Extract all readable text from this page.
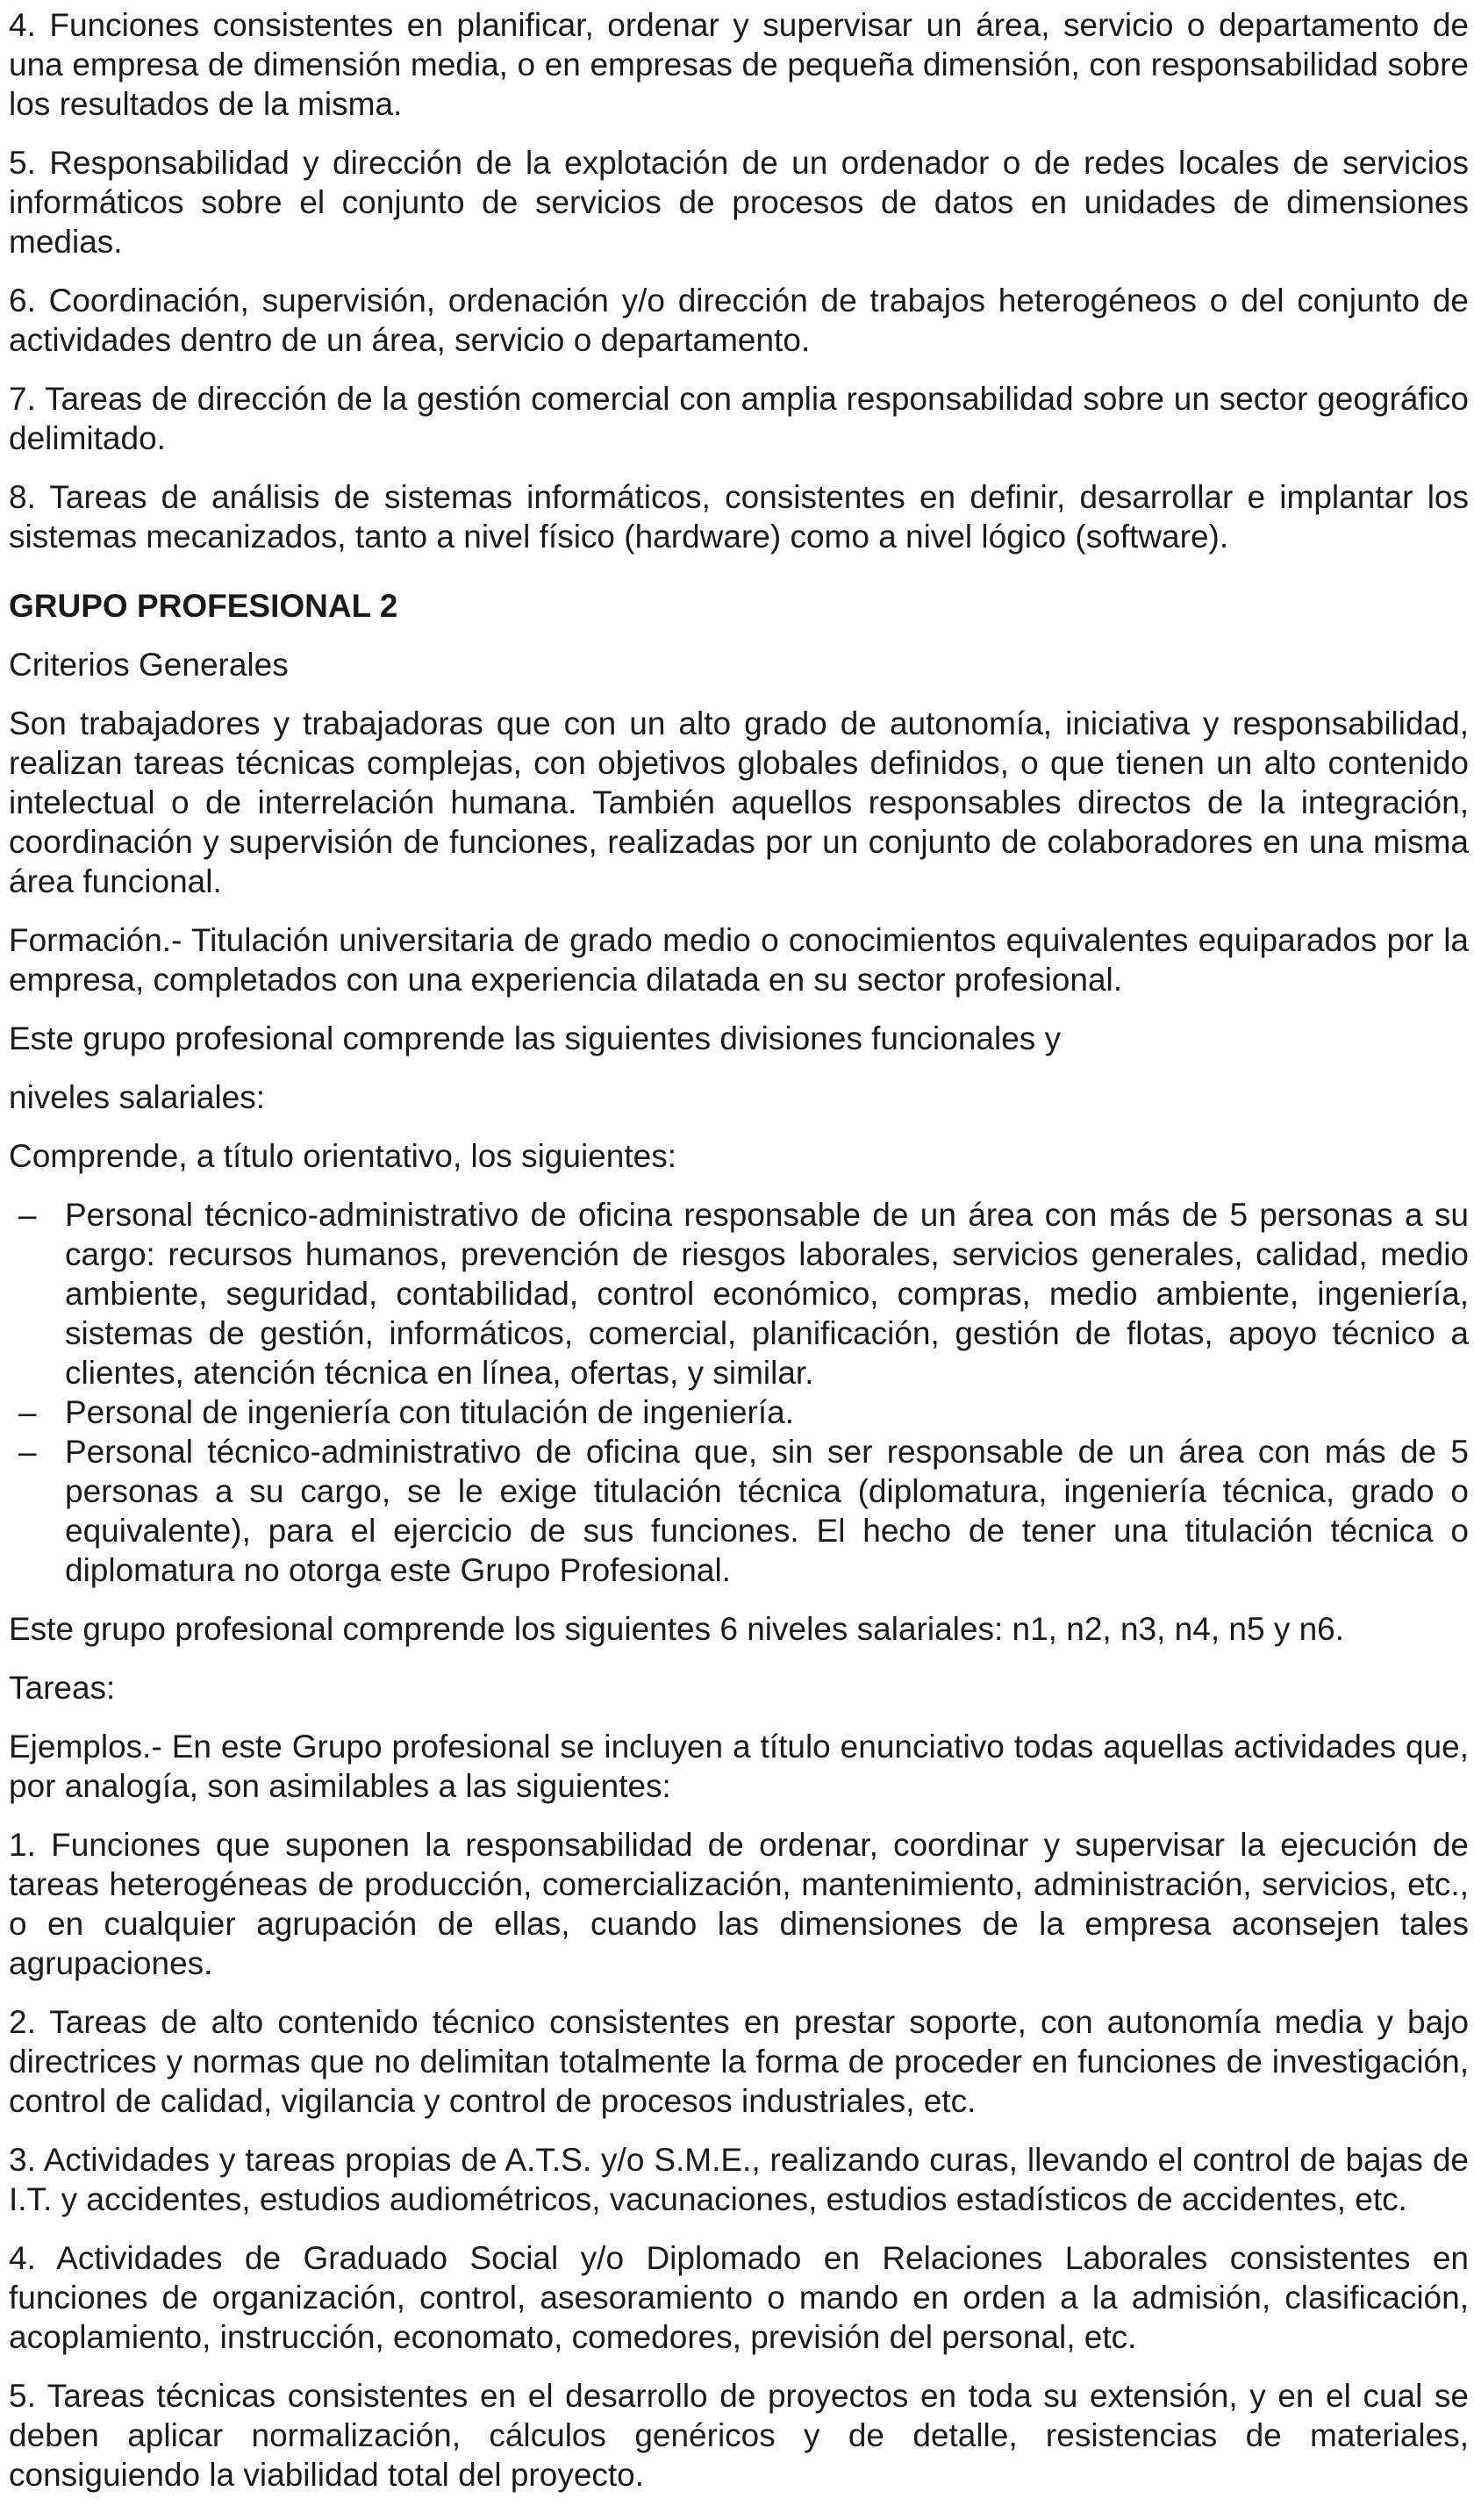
4. Funciones consistentes en planificar, ordenar y supervisar un área, servicio o departamento de una empresa de dimensión media, o en empresas de pequeña dimensión, con responsabilidad sobre los resultados de la misma.

5. Responsabilidad y dirección de la explotación de un ordenador o de redes locales de servicios informáticos sobre el conjunto de servicios de procesos de datos en unidades de dimensiones medias.

6. Coordinación, supervisión, ordenación y/o dirección de trabajos heterogéneos o del conjunto de actividades dentro de un área, servicio o departamento.

7. Tareas de dirección de la gestión comercial con amplia responsabilidad sobre un sector geográfico delimitado.

8. Tareas de análisis de sistemas informáticos, consistentes en definir, desarrollar e implantar los sistemas mecanizados, tanto a nivel físico (hardware) como a nivel lógico (software).

GRUPO PROFESIONAL 2

Criterios Generales

Son trabajadores y trabajadoras que con un alto grado de autonomía, iniciativa y responsabilidad, realizan tareas técnicas complejas, con objetivos globales definidos, o que tienen un alto contenido intelectual o de interrelación humana. También aquellos responsables directos de la integración, coordinación y supervisión de funciones, realizadas por un conjunto de colaboradores en una misma área funcional.

Formación.- Titulación universitaria de grado medio o conocimientos equivalentes equiparados por la empresa, completados con una experiencia dilatada en su sector profesional.

Este grupo profesional comprende las siguientes divisiones funcionales y

niveles salariales:

Comprende, a título orientativo, los siguientes:

– Personal técnico-administrativo de oficina responsable de un área con más de 5 personas a su cargo: recursos humanos, prevención de riesgos laborales, servicios generales, calidad, medio ambiente, seguridad, contabilidad, control económico, compras, medio ambiente, ingeniería, sistemas de gestión, informáticos, comercial, planificación, gestión de flotas, apoyo técnico a clientes, atención técnica en línea, ofertas, y similar.
– Personal de ingeniería con titulación de ingeniería.
– Personal técnico-administrativo de oficina que, sin ser responsable de un área con más de 5 personas a su cargo, se le exige titulación técnica (diplomatura, ingeniería técnica, grado o equivalente), para el ejercicio de sus funciones. El hecho de tener una titulación técnica o diplomatura no otorga este Grupo Profesional.

Este grupo profesional comprende los siguientes 6 niveles salariales: n1, n2, n3, n4, n5 y n6.

Tareas:

Ejemplos.- En este Grupo profesional se incluyen a título enunciativo todas aquellas actividades que, por analogía, son asimilables a las siguientes:

1. Funciones que suponen la responsabilidad de ordenar, coordinar y supervisar la ejecución de tareas heterogéneas de producción, comercialización, mantenimiento, administración, servicios, etc., o en cualquier agrupación de ellas, cuando las dimensiones de la empresa aconsejen tales agrupaciones.

2. Tareas de alto contenido técnico consistentes en prestar soporte, con autonomía media y bajo directrices y normas que no delimitan totalmente la forma de proceder en funciones de investigación, control de calidad, vigilancia y control de procesos industriales, etc.

3. Actividades y tareas propias de A.T.S. y/o S.M.E., realizando curas, llevando el control de bajas de I.T. y accidentes, estudios audiométricos, vacunaciones, estudios estadísticos de accidentes, etc.

4. Actividades de Graduado Social y/o Diplomado en Relaciones Laborales consistentes en funciones de organización, control, asesoramiento o mando en orden a la admisión, clasificación, acoplamiento, instrucción, economato, comedores, previsión del personal, etc.

5. Tareas técnicas consistentes en el desarrollo de proyectos en toda su extensión, y en el cual se deben aplicar normalización, cálculos genéricos y de detalle, resistencias de materiales, consiguiendo la viabilidad total del proyecto.
